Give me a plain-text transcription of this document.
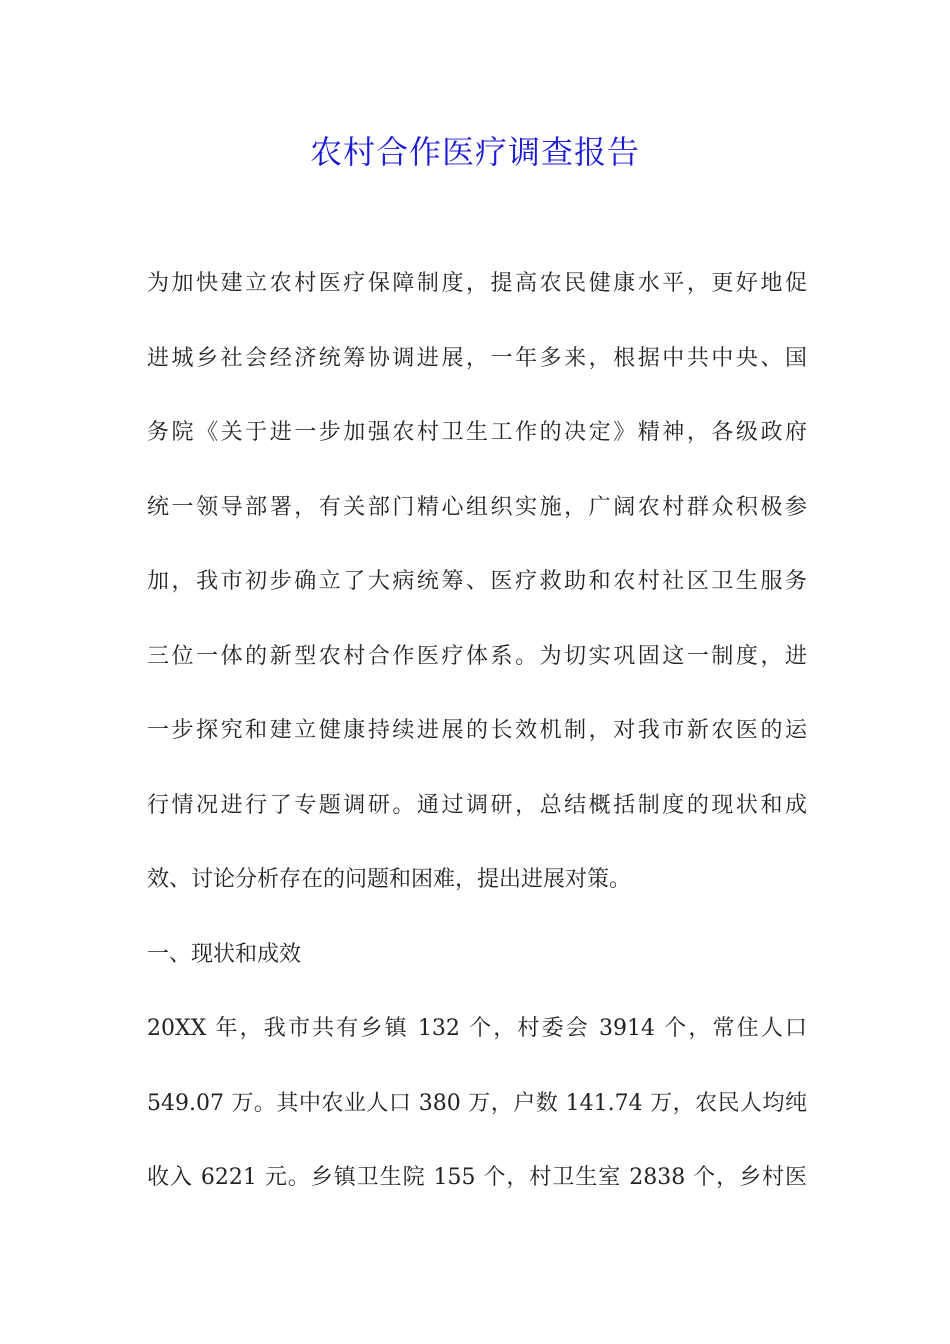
农村合作医疗调查报告
为加快建立农村医疗保障制度，提高农民健康水平，更好地促
进城乡社会经济统筹协调进展，一年多来，根据中共中央、国
务院《关于进一步加强农村卫生工作的决定》精神，各级政府
统一领导部署，有关部门精心组织实施，广阔农村群众积极参
加，我市初步确立了大病统筹、医疗救助和农村社区卫生服务
三位一体的新型农村合作医疗体系。为切实巩固这一制度，进
一步探究和建立健康持续进展的长效机制，对我市新农医的运
行情况进行了专题调研。通过调研，总结概括制度的现状和成
效、讨论分析存在的问题和困难，提出进展对策。
一、现状和成效
20XX 年，我市共有乡镇 132 个，村委会 3914 个，常住人口
549.07 万。其中农业人口 380 万，户数 141.74 万，农民人均纯
收入 6221 元。乡镇卫生院 155 个，村卫生室 2838 个，乡村医
